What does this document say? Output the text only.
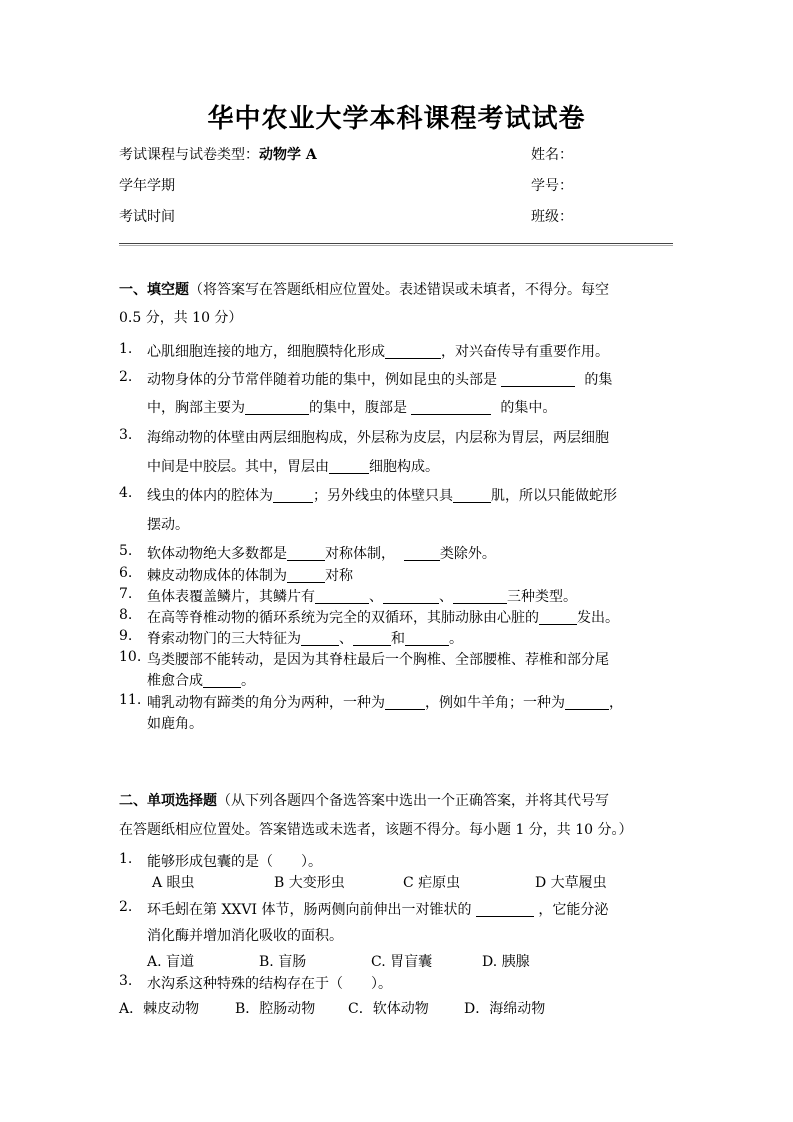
华中农业大学本科课程考试试卷
考试课程与试卷类型：动物学 A	姓名：
学年学期	学号：
考试时间	班级：
一、填空题（将答案写在答题纸相应位置处。表述错误或未填者，不得分。每空
0.5 分，共 10 分）
1. 心肌细胞连接的地方，细胞膜特化形成	，对兴奋传导有重要作用。
2. 动物身体的分节常伴随着功能的集中，例如昆虫的头部是	的集
中，胸部主要为	的集中，腹部是	的集中。
3. 海绵动物的体壁由两层细胞构成，外层称为皮层，内层称为胃层，两层细胞
中间是中胶层。其中，胃层由	细胞构成。
4. 线虫的体内的腔体为	；另外线虫的体壁只具	肌，所以只能做蛇形
摆动。
5. 软体动物绝大多数都是	对称体制，	类除外。
6. 棘皮动物成体的体制为	对称
7. 鱼体表覆盖鳞片，其鳞片有	、	、	三种类型。
8. 在高等脊椎动物的循环系统为完全的双循环，其肺动脉由心脏的	发出。
9. 脊索动物门的三大特征为	、	和	。
10. 鸟类腰部不能转动，是因为其脊柱最后一个胸椎、全部腰椎、荐椎和部分尾
椎愈合成	。
11. 哺乳动物有蹄类的角分为两种，一种为	，例如牛羊角；一种为	，
如鹿角。
二、单项选择题（从下列各题四个备选答案中选出一个正确答案，并将其代号写
在答题纸相应位置处。答案错选或未选者，该题不得分。每小题 1 分，共 10 分。）
1. 能够形成包囊的是（　　）。
A 眼虫	B 大变形虫	C 疟原虫	D 大草履虫
2. 环毛蚓在第 XXVI 体节，肠两侧向前伸出一对锥状的	，它能分泌
消化酶并增加消化吸收的面积。
A. 盲道	B. 盲肠	C. 胃盲囊	D. 胰腺
3. 水沟系这种特殊的结构存在于（　　）。
A．棘皮动物	B．腔肠动物 C．软体动物	D．海绵动物
